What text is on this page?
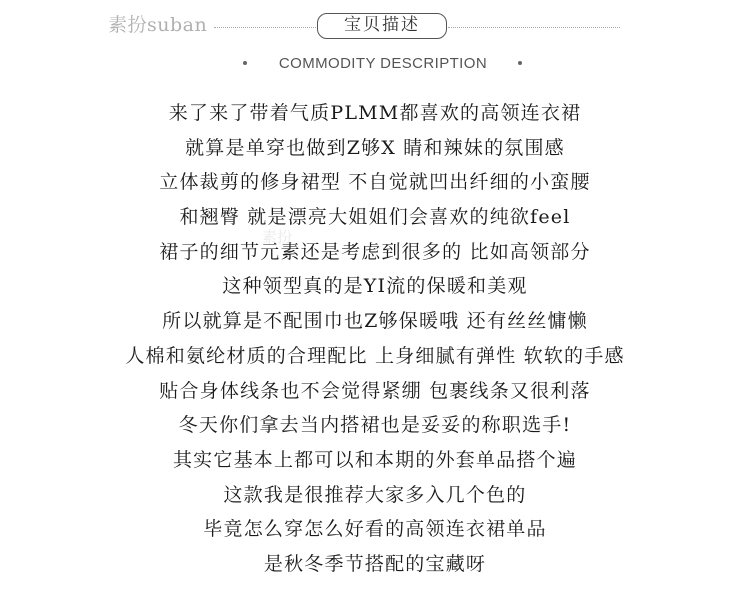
素扮suban	宝贝描述
COMMODITY DESCRIPTION
素扮
来了来了带着气质PLMM都喜欢的高领连衣裙
就算是单穿也做到Z够X 睛和辣妹的氛围感
立体裁剪的修身裙型 不自觉就凹出纤细的小蛮腰
和翘臀 就是漂亮大姐姐们会喜欢的纯欲feel
裙子的细节元素还是考虑到很多的 比如高领部分
这种领型真的是YI流的保暖和美观
所以就算是不配围巾也Z够保暖哦 还有丝丝慵懒
人棉和氨纶材质的合理配比 上身细腻有弹性 软软的手感
贴合身体线条也不会觉得紧绷 包裹线条又很利落
冬天你们拿去当内搭裙也是妥妥的称职选手!
其实它基本上都可以和本期的外套单品搭个遍
这款我是很推荐大家多入几个色的
毕竟怎么穿怎么好看的高领连衣裙单品
是秋冬季节搭配的宝藏呀
